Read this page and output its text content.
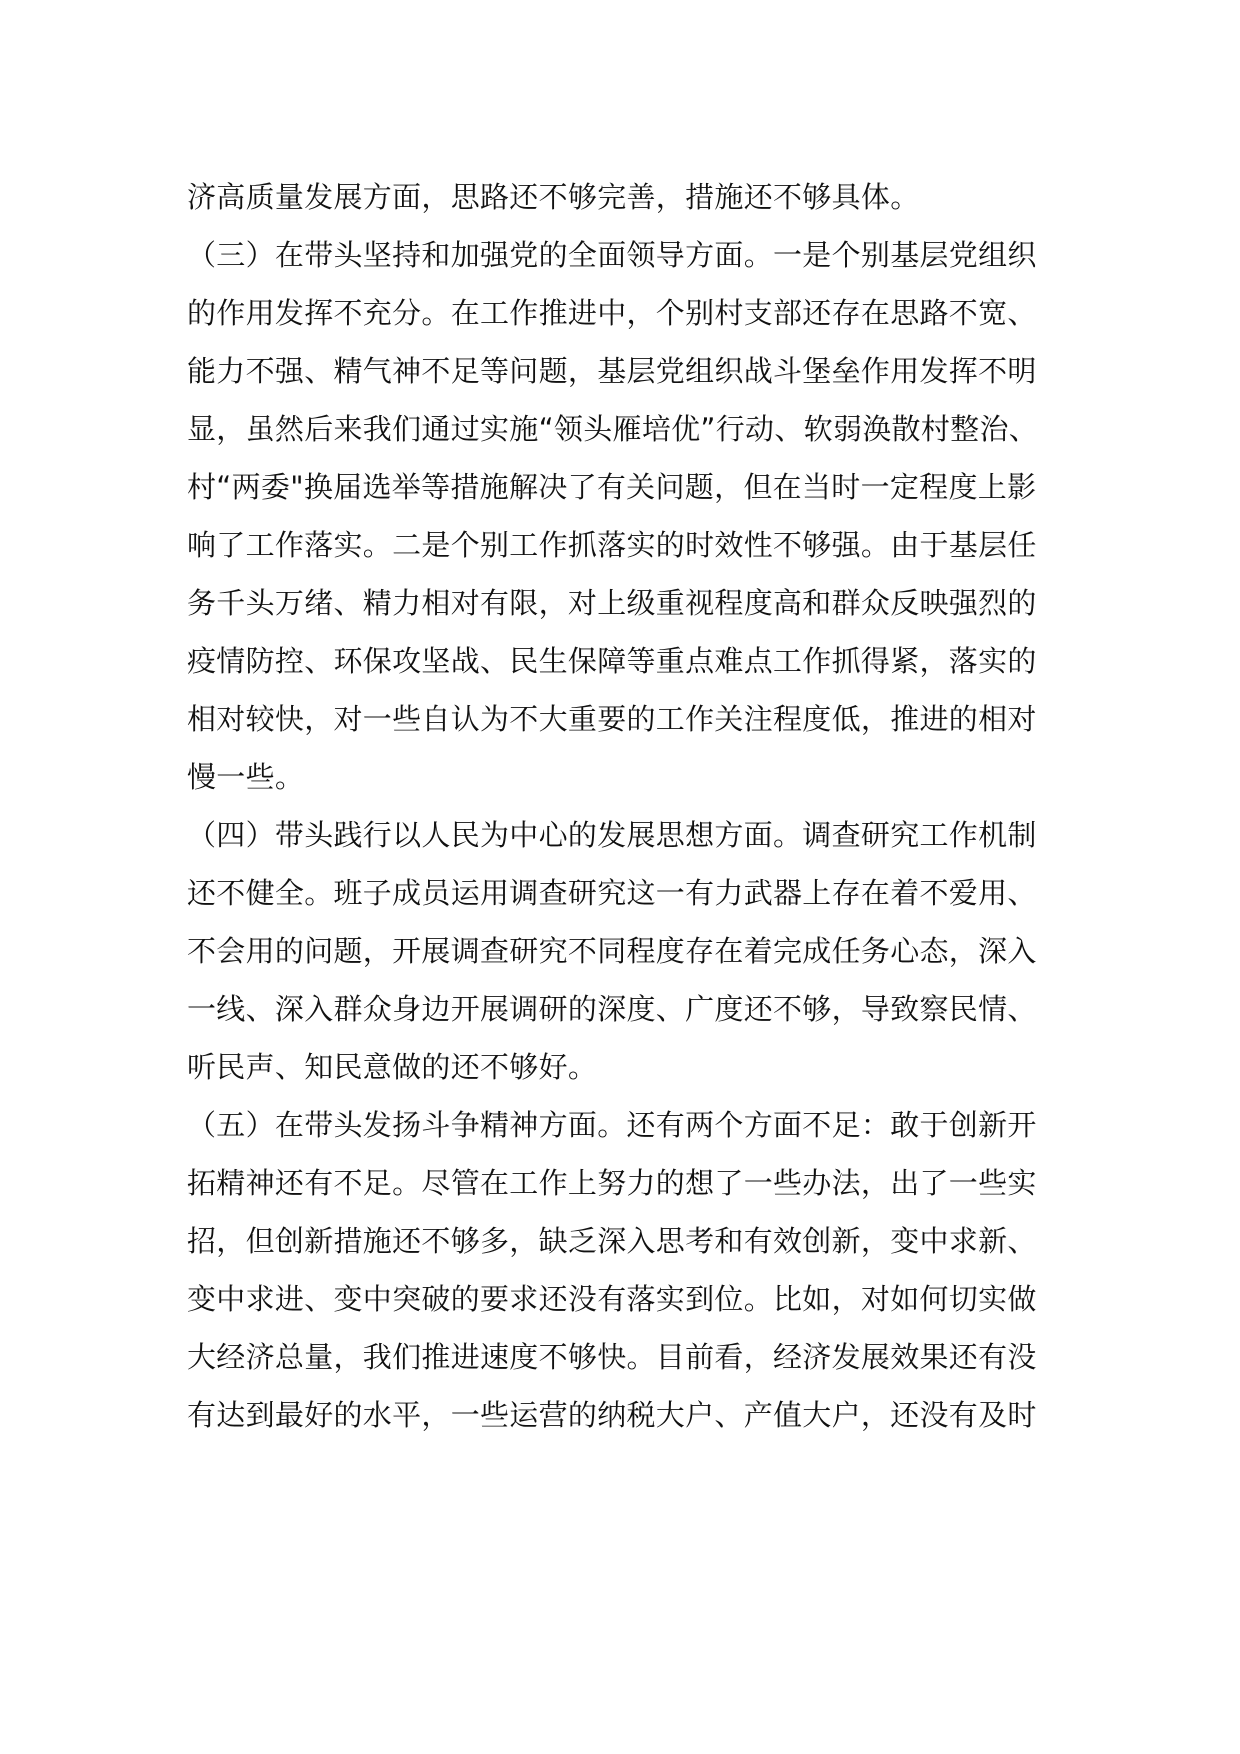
济高质量发展方面，思路还不够完善，措施还不够具体。
（三）在带头坚持和加强党的全面领导方面。一是个别基层党组织
的作用发挥不充分。在工作推进中，个别村支部还存在思路不宽、
能力不强、精气神不足等问题，基层党组织战斗堡垒作用发挥不明
显，虽然后来我们通过实施“领头雁培优”行动、软弱涣散村整治、
村“两委"换届选举等措施解决了有关问题，但在当时一定程度上影
响了工作落实。二是个别工作抓落实的时效性不够强。由于基层任
务千头万绪、精力相对有限，对上级重视程度高和群众反映强烈的
疫情防控、环保攻坚战、民生保障等重点难点工作抓得紧，落实的
相对较快，对一些自认为不大重要的工作关注程度低，推进的相对
慢一些。
（四）带头践行以人民为中心的发展思想方面。调查研究工作机制
还不健全。班子成员运用调查研究这一有力武器上存在着不爱用、
不会用的问题，开展调查研究不同程度存在着完成任务心态，深入
一线、深入群众身边开展调研的深度、广度还不够，导致察民情、
听民声、知民意做的还不够好。
（五）在带头发扬斗争精神方面。还有两个方面不足：敢于创新开
拓精神还有不足。尽管在工作上努力的想了一些办法，出了一些实
招，但创新措施还不够多，缺乏深入思考和有效创新，变中求新、
变中求进、变中突破的要求还没有落实到位。比如，对如何切实做
大经济总量，我们推进速度不够快。目前看，经济发展效果还有没
有达到最好的水平，一些运营的纳税大户、产值大户，还没有及时
